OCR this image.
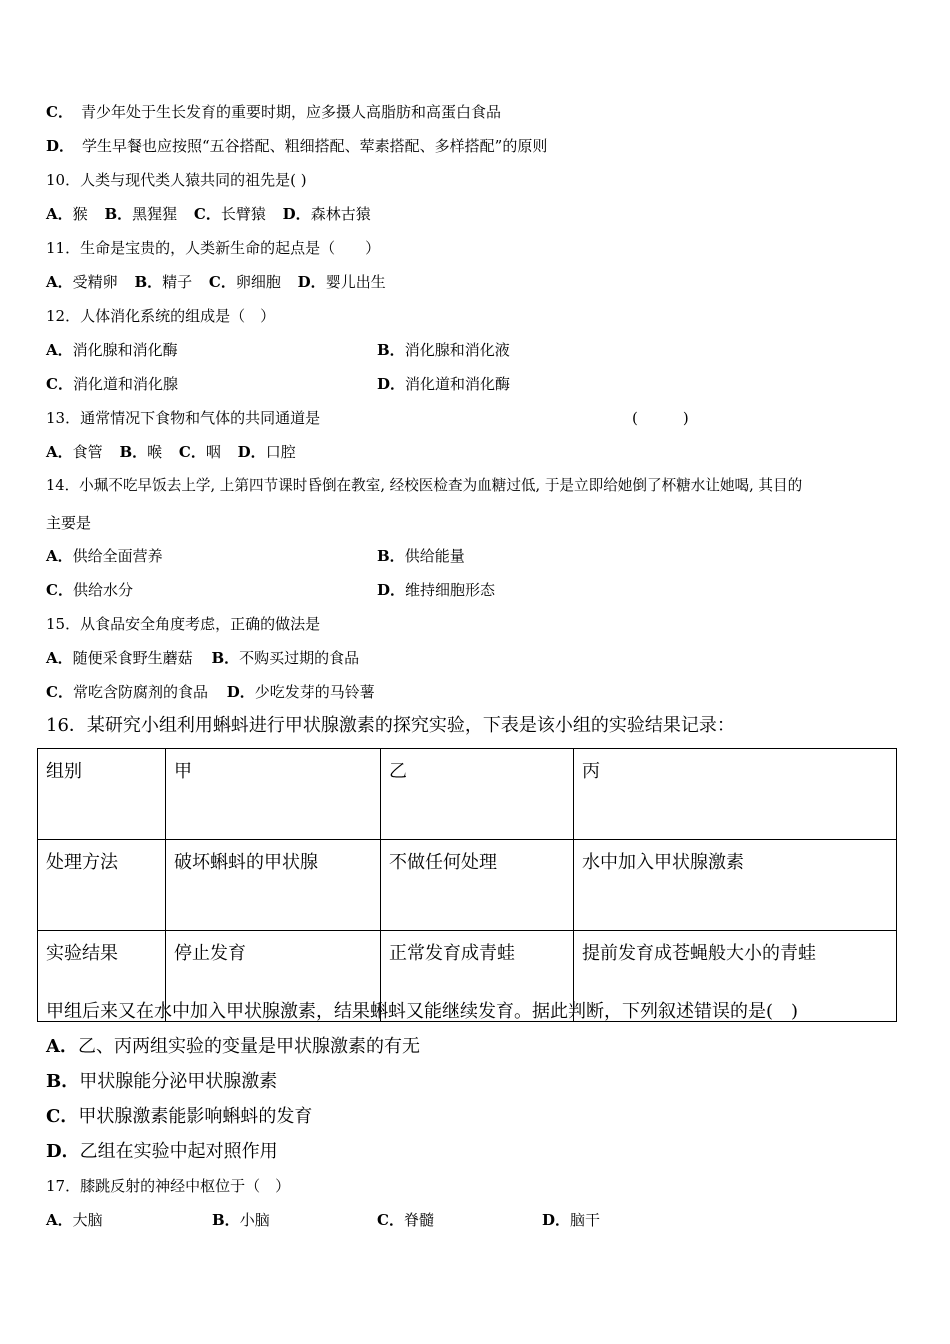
C． 青少年处于生长发育的重要时期，应多摄人高脂肪和高蛋白食品
D． 学生早餐也应按照“五谷搭配、粗细搭配、荤素搭配、多样搭配”的原则
10．人类与现代类人猿共同的祖先是( )
A．猴 B．黑猩猩 C．长臂猿 D．森林古猿
11．生命是宝贵的，人类新生命的起点是（　　）
A．受精卵 B．精子 C．卵细胞 D．婴儿出生
12．人体消化系统的组成是（　）
A．消化腺和消化酶	B．消化腺和消化液
C．消化道和消化腺	D．消化道和消化酶
13．通常情况下食物和气体的共同通道是	(　　　)
A．食管 B．喉 C．咽 D．口腔
14．小珮不吃早饭去上学, 上第四节课时昏倒在教室, 经校医检查为血糖过低, 于是立即给她倒了杯糖水让她喝, 其目的
主要是
A．供给全面营养	B．供给能量
C．供给水分	D．维持细胞形态
15．从食品安全角度考虑，正确的做法是
A．随便采食野生蘑菇 B．不购买过期的食品
C．常吃含防腐剂的食品 D．少吃发芽的马铃薯
16．某研究小组利用蝌蚪进行甲状腺激素的探究实验，下表是该小组的实验结果记录：
组别	甲	乙	丙
处理方法	破坏蝌蚪的甲状腺	不做任何处理	水中加入甲状腺激素
实验结果	停止发育	正常发育成青蛙	提前发育成苍蝇般大小的青蛙
甲组后来又在水中加入甲状腺激素，结果蝌蚪又能继续发育。据此判断，下列叙述错误的是(　)
A．乙、丙两组实验的变量是甲状腺激素的有无
B．甲状腺能分泌甲状腺激素
C．甲状腺激素能影响蝌蚪的发育
D．乙组在实验中起对照作用
17．膝跳反射的神经中枢位于（　）
A．大脑	B．小脑	C．脊髓	D．脑干
